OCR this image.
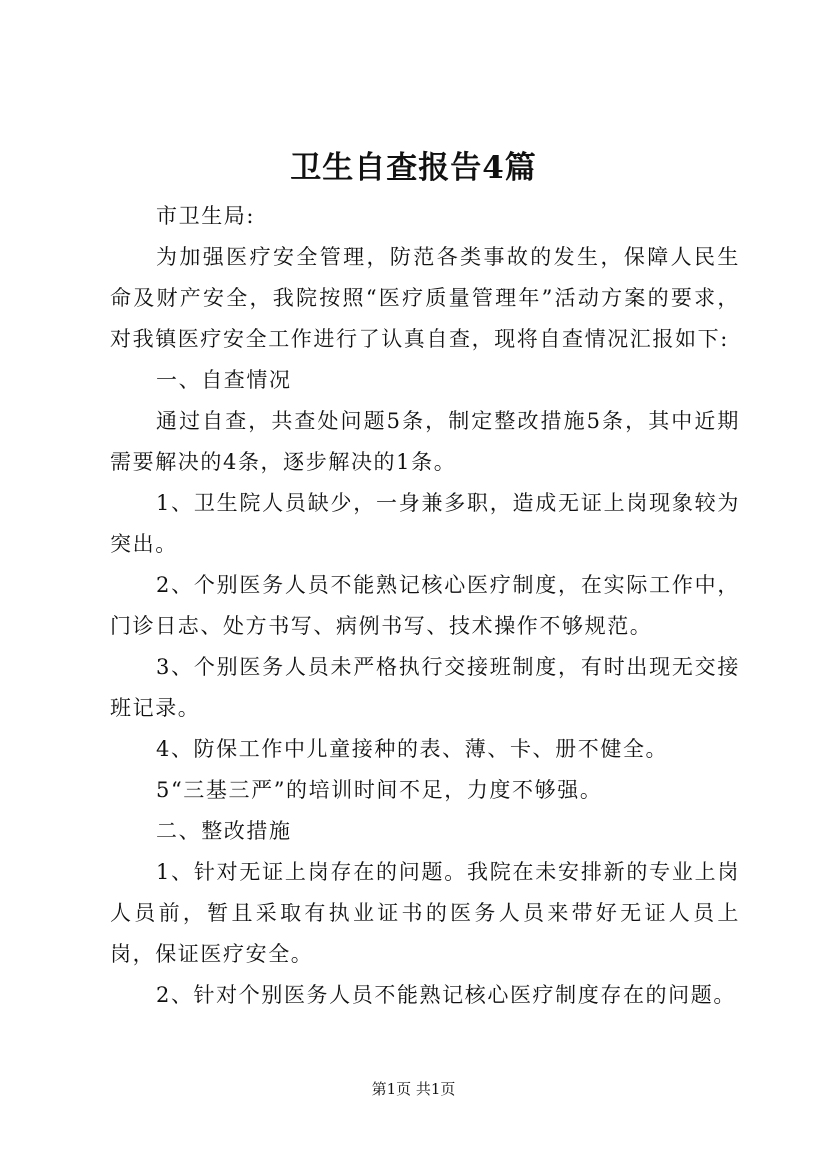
卫生自查报告4篇

市卫生局:

为加强医疗安全管理，防范各类事故的发生，保障人民生命及财产安全，我院按照“医疗质量管理年”活动方案的要求，对我镇医疗安全工作进行了认真自查，现将自查情况汇报如下:

一、自查情况

通过自查，共查处问题5条，制定整改措施5条，其中近期需要解决的4条，逐步解决的1条。

1、卫生院人员缺少，一身兼多职，造成无证上岗现象较为突出。

2、个别医务人员不能熟记核心医疗制度，在实际工作中，门诊日志、处方书写、病例书写、技术操作不够规范。

3、个别医务人员未严格执行交接班制度，有时出现无交接班记录。

4、防保工作中儿童接种的表、薄、卡、册不健全。

5“三基三严”的培训时间不足，力度不够强。

二、整改措施

1、针对无证上岗存在的问题。我院在未安排新的专业上岗人员前，暂且采取有执业证书的医务人员来带好无证人员上岗，保证医疗安全。

2、针对个别医务人员不能熟记核心医疗制度存在的问题。

第1页 共1页
